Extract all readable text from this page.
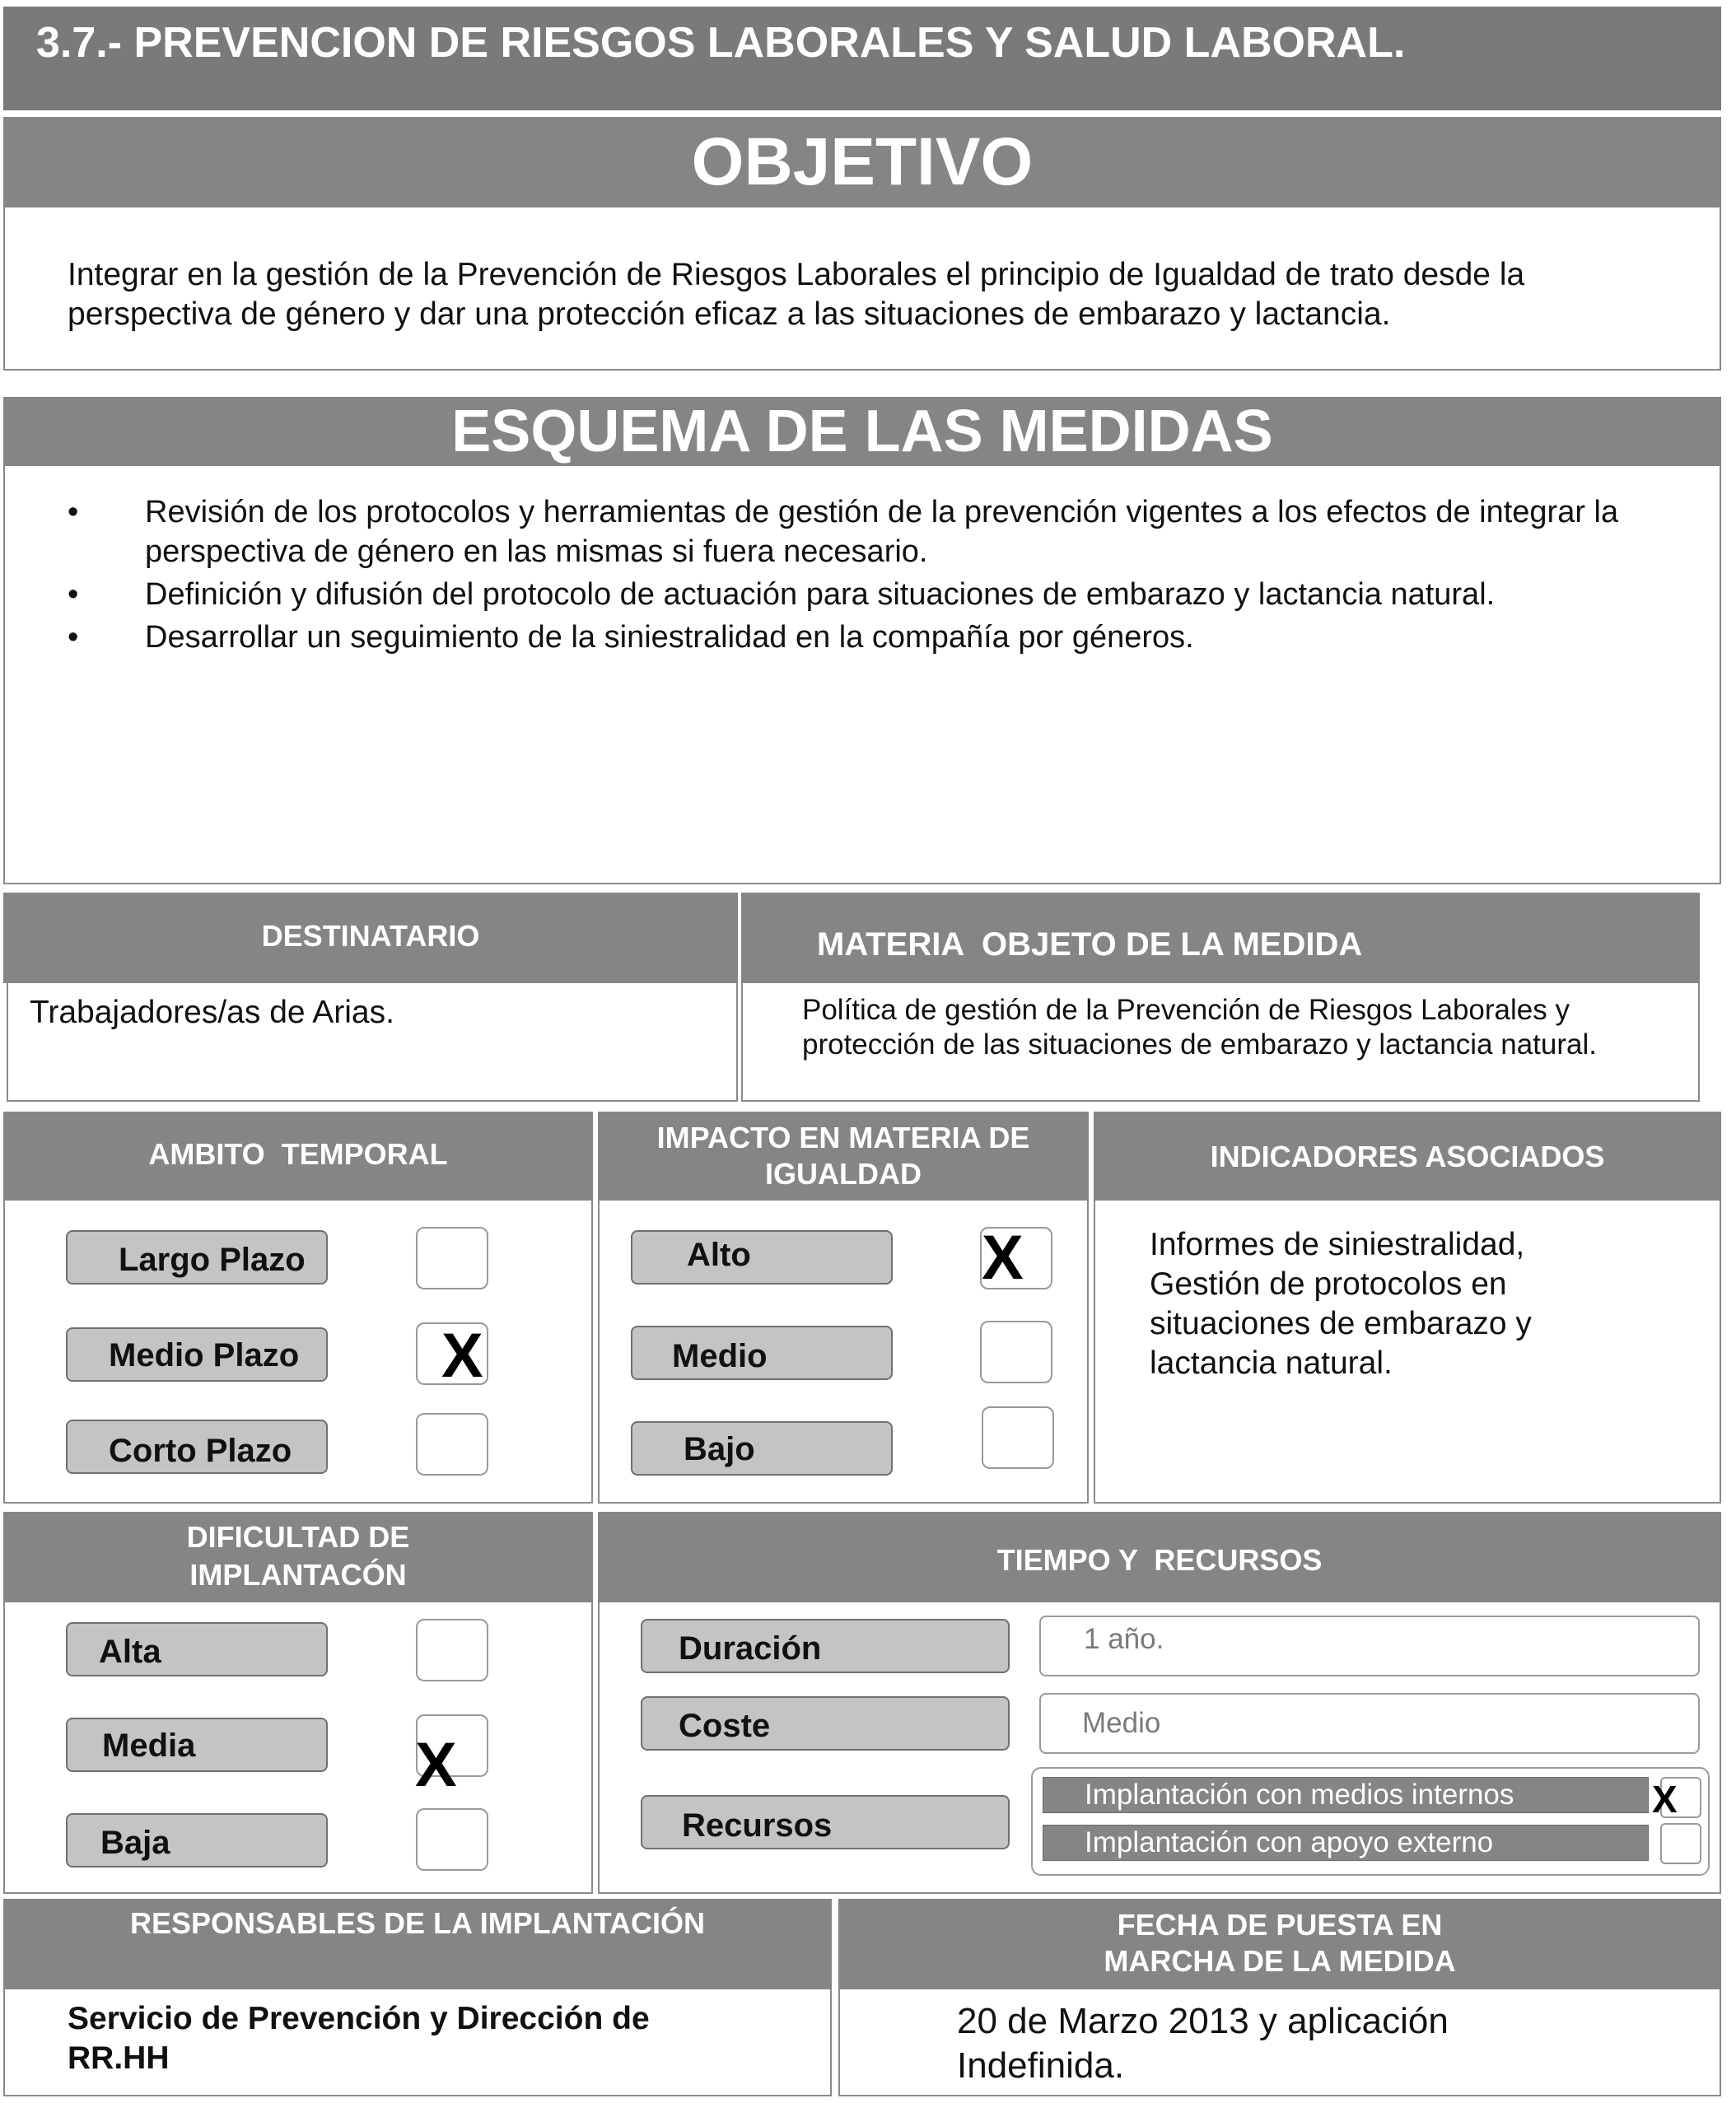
3.7.- PREVENCION DE RIESGOS LABORALES Y SALUD LABORAL.
OBJETIVO
Integrar en la gestión de la Prevención de Riesgos Laborales el principio de Igualdad de trato desde la perspectiva de género y dar una protección eficaz a las situaciones de embarazo y lactancia.
ESQUEMA DE LAS MEDIDAS
• Revisión de los protocolos y herramientas de gestión de la prevención vigentes a los efectos de integrar la perspectiva de género en las mismas si fuera necesario.
• Definición y difusión del protocolo de actuación para situaciones de embarazo y lactancia natural.
• Desarrollar un seguimiento de la siniestralidad en la compañía por géneros.
DESTINATARIO
Trabajadores/as de Arias.
MATERIA  OBJETO DE LA MEDIDA
Política de gestión de la Prevención de Riesgos Laborales y protección de las situaciones de embarazo y lactancia natural.
AMBITO  TEMPORAL
Largo Plazo
Medio Plazo X
Corto Plazo
IMPACTO EN MATERIA DE IGUALDAD
Alto	X
Medio
Bajo
INDICADORES ASOCIADOS
Informes de siniestralidad, Gestión de protocolos en situaciones de embarazo y lactancia natural.
DIFICULTAD DE IMPLANTACÓN
Alta
Media	X
Baja
TIEMPO Y  RECURSOS
Duración	1 año.
Coste	Medio
Recursos
Implantación con medios internos	X
Implantación con apoyo externo
RESPONSABLES DE LA IMPLANTACIÓN
Servicio de Prevención y Dirección de RR.HH
FECHA DE PUESTA EN MARCHA DE LA MEDIDA
20 de Marzo 2013 y aplicación Indefinida.
